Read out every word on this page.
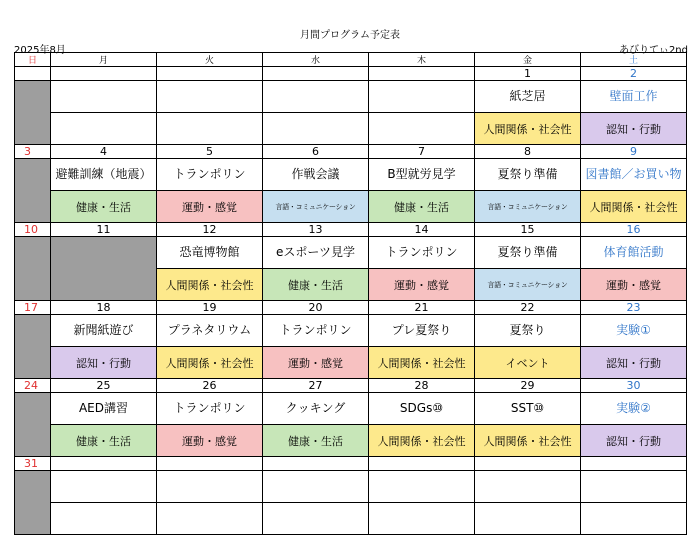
月間プログラム予定表
2025年8月	あびりてぃ2nd
日	月	火	水	木	金	土
					1	2
					紙芝居	壁面工作
					人間関係・社会性	認知・行動
3	4	5	6	7	8	9
	避難訓練（地震）	トランポリン	作戦会議	B型就労見学	夏祭り準備	図書館／お買い物
	健康・生活	運動・感覚	言語・コミュニケーション	健康・生活	言語・コミュニケーション	人間関係・社会性
10	11	12	13	14	15	16
		恐竜博物館	eスポーツ見学	トランポリン	夏祭り準備	体育館活動
		人間関係・社会性	健康・生活	運動・感覚	言語・コミュニケーション	運動・感覚
17	18	19	20	21	22	23
	新聞紙遊び	プラネタリウム	トランポリン	プレ夏祭り	夏祭り	実験①
	認知・行動	人間関係・社会性	運動・感覚	人間関係・社会性	イベント	認知・行動
24	25	26	27	28	29	30
	AED講習	トランポリン	クッキング	SDGs⑩	SST⑩	実験②
	健康・生活	運動・感覚	健康・生活	人間関係・社会性	人間関係・社会性	認知・行動
31						
